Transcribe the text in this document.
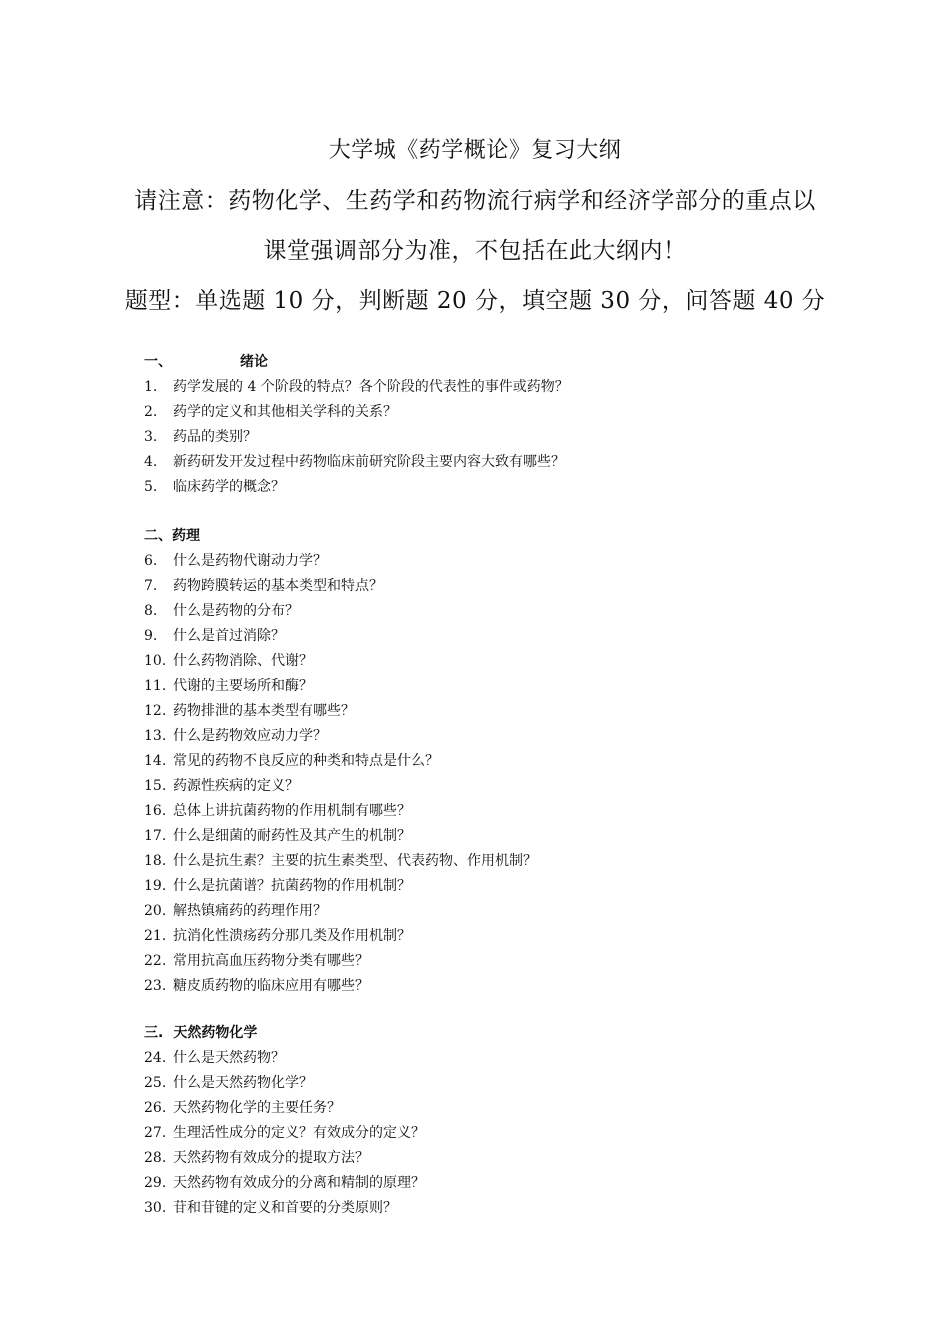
大学城《药学概论》复习大纲
请注意：药物化学、生药学和药物流行病学和经济学部分的重点以
课堂强调部分为准，不包括在此大纲内！
题型：单选题 10 分，判断题 20 分，填空题 30 分，问答题 40 分
一、	绪论
1.	药学发展的 4 个阶段的特点？各个阶段的代表性的事件或药物？
2.	药学的定义和其他相关学科的关系？
3.	药品的类别？
4.	新药研发开发过程中药物临床前研究阶段主要内容大致有哪些？
5.	临床药学的概念？
二、 药理
6.	什么是药物代谢动力学？
7.	药物跨膜转运的基本类型和特点？
8.	什么是药物的分布？
9.	什么是首过消除？
10. 什么药物消除、代谢？
11. 代谢的主要场所和酶？
12. 药物排泄的基本类型有哪些？
13. 什么是药物效应动力学？
14. 常见的药物不良反应的种类和特点是什么？
15. 药源性疾病的定义？
16. 总体上讲抗菌药物的作用机制有哪些？
17. 什么是细菌的耐药性及其产生的机制？
18. 什么是抗生素？主要的抗生素类型、代表药物、作用机制？
19. 什么是抗菌谱？抗菌药物的作用机制？
20. 解热镇痛药的药理作用？
21. 抗消化性溃疡药分那几类及作用机制？
22. 常用抗高血压药物分类有哪些？
23. 糖皮质药物的临床应用有哪些？
三. 天然药物化学
24. 什么是天然药物？
25. 什么是天然药物化学？
26. 天然药物化学的主要任务？
27. 生理活性成分的定义？有效成分的定义？
28. 天然药物有效成分的提取方法？
29. 天然药物有效成分的分离和精制的原理？
30. 苷和苷键的定义和首要的分类原则？
